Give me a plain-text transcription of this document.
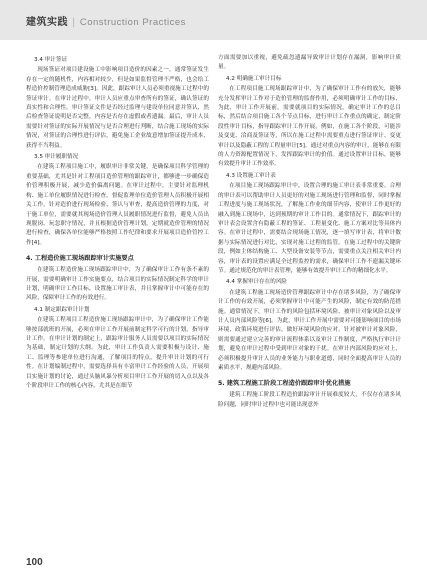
建筑实践 | Construction Practices
3.4 审计签证

现场签证对项目建设施工中影响项目造价的因素之一，通常签证发生存在一定的随机性，内容相对较少，但是如果监督管理不严格，也会给工程造价控制管理造成威胁[3]。因此，跟踪审计人员必须重视施工过程中的签证审计。在审计过程中，审计人员应重点审查所有的签证，确认签证的真实性和合理性。审计签证文件是否经过监理与建设单位同意并签认，然后检查签证说明是否完整，内容是否存在虚假或者遗漏。最后，审计人员需要针对签证的实际开展情况与是否合理进行判断，结合施工现场的实际情况，对签证的合理性进行评估，避免施工企业故意增加签证提升成本，获得不当利益。

3.5 审计履职情况

在建筑工程项目施工中，履职审计非常关键，是确保项目科学管理的重要基础，尤其是针对工程项目造价管理的跟踪审计，都够进一步确保造价管理积极开展，减少造价偏离问题。在审计过程中，主要针对监理机构、施工单位履职情况进行检查，督促监理单位造价管理人员积极开展相关工作，针对造价进行现场检验、签认与审查，提高造价管理的力度，对于施工单位，需要就其现场造价管理人员履职情况进行监督，避免人员出现脱岗、玩忽职守情况，并且根据造价管理计划，定期就造价管理的情况进行检查，确保各单位能够严格按照工作纪律和要求开展项目造价管控工作[4]。

4. 工程造价施工现场跟踪审计实施要点

在建筑工程造价施工现场跟踪审计中，为了确保审计工作有条不紊的开展，需要明确审计工作实施要点，结合项目的实际情况制定科学的审计计划，明确审计工作目标，设置施工审计表，并且掌握审计中可能存在的风险，保障审计工作的有效进行。

4.1 制定跟踪审计计划

在建筑工程项目工程造价施工现场跟踪审计中，为了确保审计工作能够按部就班的开展，必须在审计工作开展前制定科学可行的计划，指导审计工作。在审计计划的制定上，跟踪审计服务人员需要以项目的实际情况为基础，制定计划的大纲。为此，审计工作负责人需要积极与设计、施工、监理等参建单位进行沟通，了解项目的特点，提升审计计划的可行性。在计划编制过程中，需要选择具有丰富审计工作经验的人员，开展项目实施计划的讨论，通过头脑风暴分析项目审计工作开展的切入点以及各个阶段审计工作的核心内容，尤其是在细节

方面需要加以重视，避免疏忽遗漏导致审计计划存在漏洞，影响审计质量。

4.2 明确施工审计目标

在工程项目施工现场跟踪审计中，为了确保审计工作有的放矢，能够充分发挥审计工作对于造价管理的监督作用，必须明确审计工作的目标，为此，审计工作开展前，需要就项目的实际情况，确定审计工作的总目标，然后结合项目施工各个节点目标，进行审计工作重点的确定，制定阶段性审计目标，指导跟踪审计工作开展。例如，在施工各个阶段，可能涉及变更、洽商及签证等，所以在施工过程中需要重点进行签证审计、变更审计以及隐蔽工程的工程量审计[5]。通过对重点内容的审计，能够在有限的人力资源配置情况下，发挥跟踪审计的价值。通过设置审计目标，能够有效提升审计工作效率。

4.3 设置施工审计表

在项目施工现场跟踪审计中，设置合理的施工审计表非常重要。合理的审计表可以帮助审计人员更好的对施工现场进行管理和监督，同时掌握工程进度与施工现场状况，了解施工作业的细节内容，使审计工作更好的融入到施工现场中，达到预期的审计工作目的。通常情况下，跟踪审计的审计表会设置含有隐蔽工程的签证、工程量变化、施工方案对比等具体内容。在审计过程中，需要结合现场施工情况，逐一填写审计表，将审计数据与实际情况进行对比，实现对施工过程的监管。在施工过程中的关键阶段，例如主体结构施工、大型设备安装等节点，需要重点关注相关审计内容，审计表的设置应满足全过程监控的需求，确保审计工作不遗漏关键环节。通过规范化的审计表管理，能够有效提升审计工作的精细化水平。

4.4 掌握审计存在的风险

在建筑工程施工现场造价管理跟踪审计中存在诸多风险，为了确保审计工作的有效开展，必须掌握审计中可能产生的风险，制定有效的防范措施。通常情况下，审计工作的风险包括环境风险、被审计对象风险以及审计人员内部风险等[6]。为此，审计工作开展中需要对可能影响项目的市场环境、政策环境进行评估，做好环境风险的应对。针对被审计对象风险，则需要通过建立完善的审计流程体系以及审计工作制度，严格执行审计计划，避免在审计过程中受到审计对象的干扰。在审计内部风险的应对上，必须积极提升审计人员的业务能力与职业道德，同时全面提高审计人员的素质水平，规避内部风险。

5. 建筑工程施工阶段工程造价跟踪审计优化措施

建筑工程施工阶段工程造价跟踪审计开展难度较大，不仅存在诸多风险问题，同时审计过程中也可能出现意外

100
